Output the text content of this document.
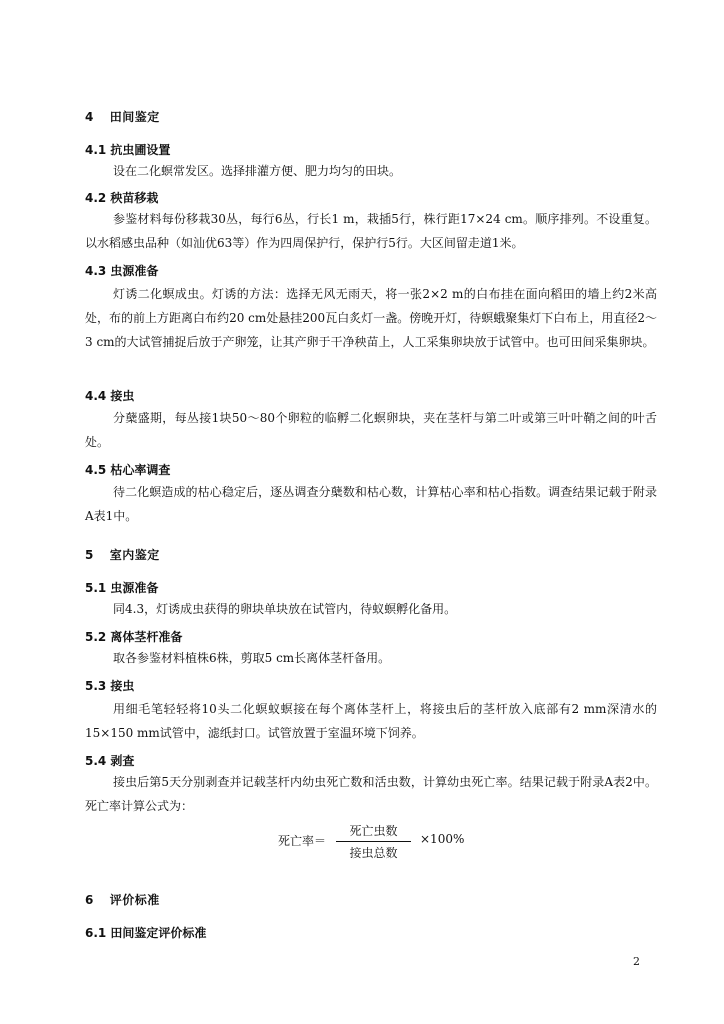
4 田间鉴定
4.1 抗虫圃设置
设在二化螟常发区。选择排灌方便、肥力均匀的田块。
4.2 秧苗移栽
参鉴材料每份移栽30丛，每行6丛，行长1 m，栽插5行，株行距17×24 cm。顺序排列。不设重复。以水稻感虫品种（如汕优63等）作为四周保护行，保护行5行。大区间留走道1米。
4.3 虫源准备
灯诱二化螟成虫。灯诱的方法：选择无风无雨天，将一张2×2 m的白布挂在面向稻田的墙上约2米高处，布的前上方距离白布约20 cm处悬挂200瓦白炙灯一盏。傍晚开灯，待螟蛾聚集灯下白布上，用直径2～3 cm的大试管捕捉后放于产卵笼，让其产卵于干净秧苗上，人工采集卵块放于试管中。也可田间采集卵块。
4.4 接虫
分蘖盛期，每丛接1块50～80个卵粒的临孵二化螟卵块，夹在茎杆与第二叶或第三叶叶鞘之间的叶舌处。
4.5 枯心率调查
待二化螟造成的枯心稳定后，逐丛调查分蘖数和枯心数，计算枯心率和枯心指数。调查结果记载于附录A表1中。
5 室内鉴定
5.1 虫源准备
同4.3，灯诱成虫获得的卵块单块放在试管内，待蚁螟孵化备用。
5.2 离体茎杆准备
取各参鉴材料植株6株，剪取5 cm长离体茎杆备用。
5.3 接虫
用细毛笔轻轻将10头二化螟蚁螟接在每个离体茎杆上，将接虫后的茎杆放入底部有2 mm深清水的15×150 mm试管中，滤纸封口。试管放置于室温环境下饲养。
5.4 剥查
接虫后第5天分别剥查并记载茎杆内幼虫死亡数和活虫数，计算幼虫死亡率。结果记载于附录A表2中。死亡率计算公式为：
死亡率＝
死亡虫数
接虫总数
×100%
6 评价标准
6.1 田间鉴定评价标准
2
